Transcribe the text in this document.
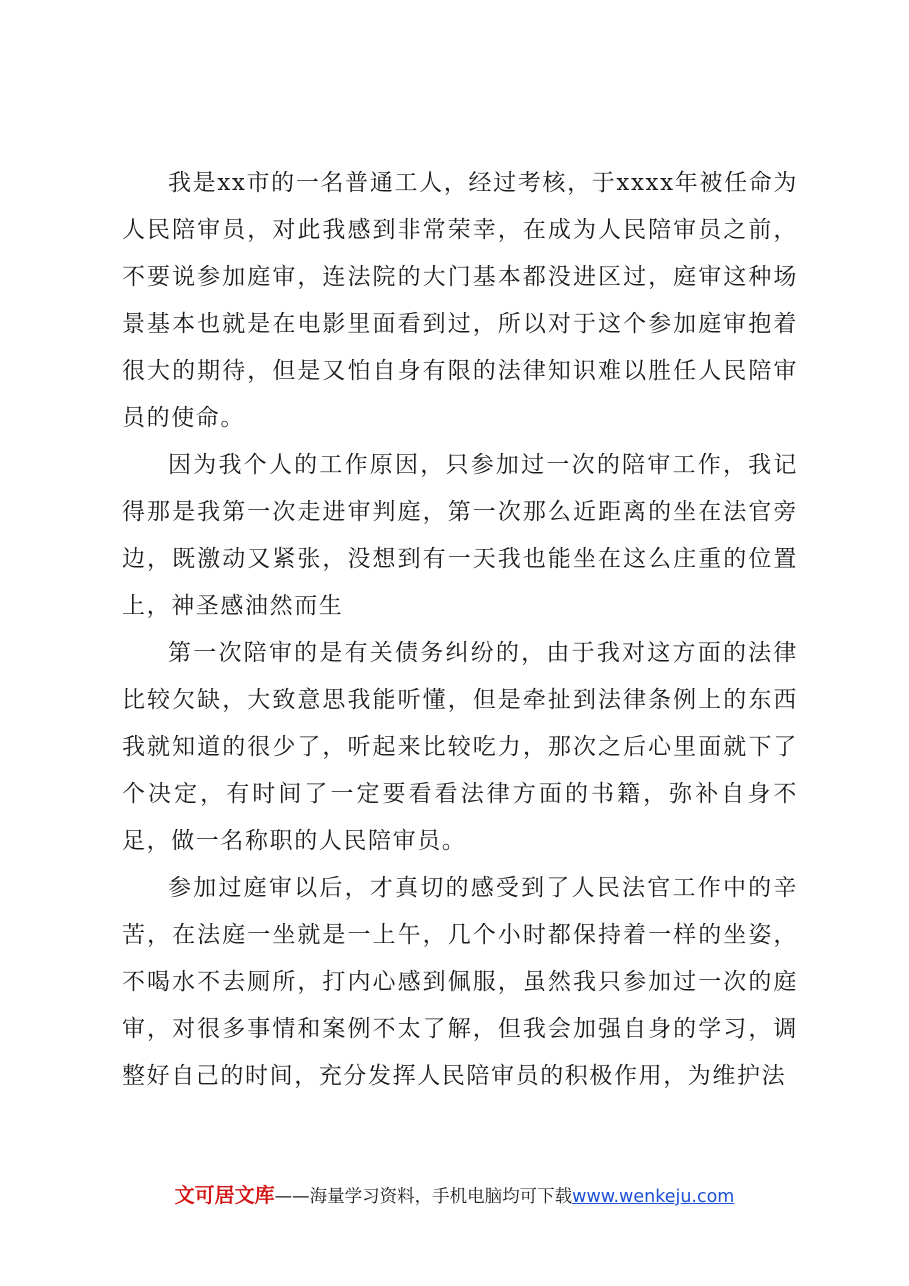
我是xx市的一名普通工人，经过考核，于xxxx年被任命为人民陪审员，对此我感到非常荣幸，在成为人民陪审员之前，不要说参加庭审，连法院的大门基本都没进区过，庭审这种场景基本也就是在电影里面看到过，所以对于这个参加庭审抱着很大的期待，但是又怕自身有限的法律知识难以胜任人民陪审员的使命。

因为我个人的工作原因，只参加过一次的陪审工作，我记得那是我第一次走进审判庭，第一次那么近距离的坐在法官旁边，既激动又紧张，没想到有一天我也能坐在这么庄重的位置上，神圣感油然而生

第一次陪审的是有关债务纠纷的，由于我对这方面的法律比较欠缺，大致意思我能听懂，但是牵扯到法律条例上的东西我就知道的很少了，听起来比较吃力，那次之后心里面就下了个决定，有时间了一定要看看法律方面的书籍，弥补自身不足，做一名称职的人民陪审员。

参加过庭审以后，才真切的感受到了人民法官工作中的辛苦，在法庭一坐就是一上午，几个小时都保持着一样的坐姿，不喝水不去厕所，打内心感到佩服，虽然我只参加过一次的庭审，对很多事情和案例不太了解，但我会加强自身的学习，调整好自己的时间，充分发挥人民陪审员的积极作用，为维护法

文可居文库——海量学习资料，手机电脑均可下载www.wenkeju.com
